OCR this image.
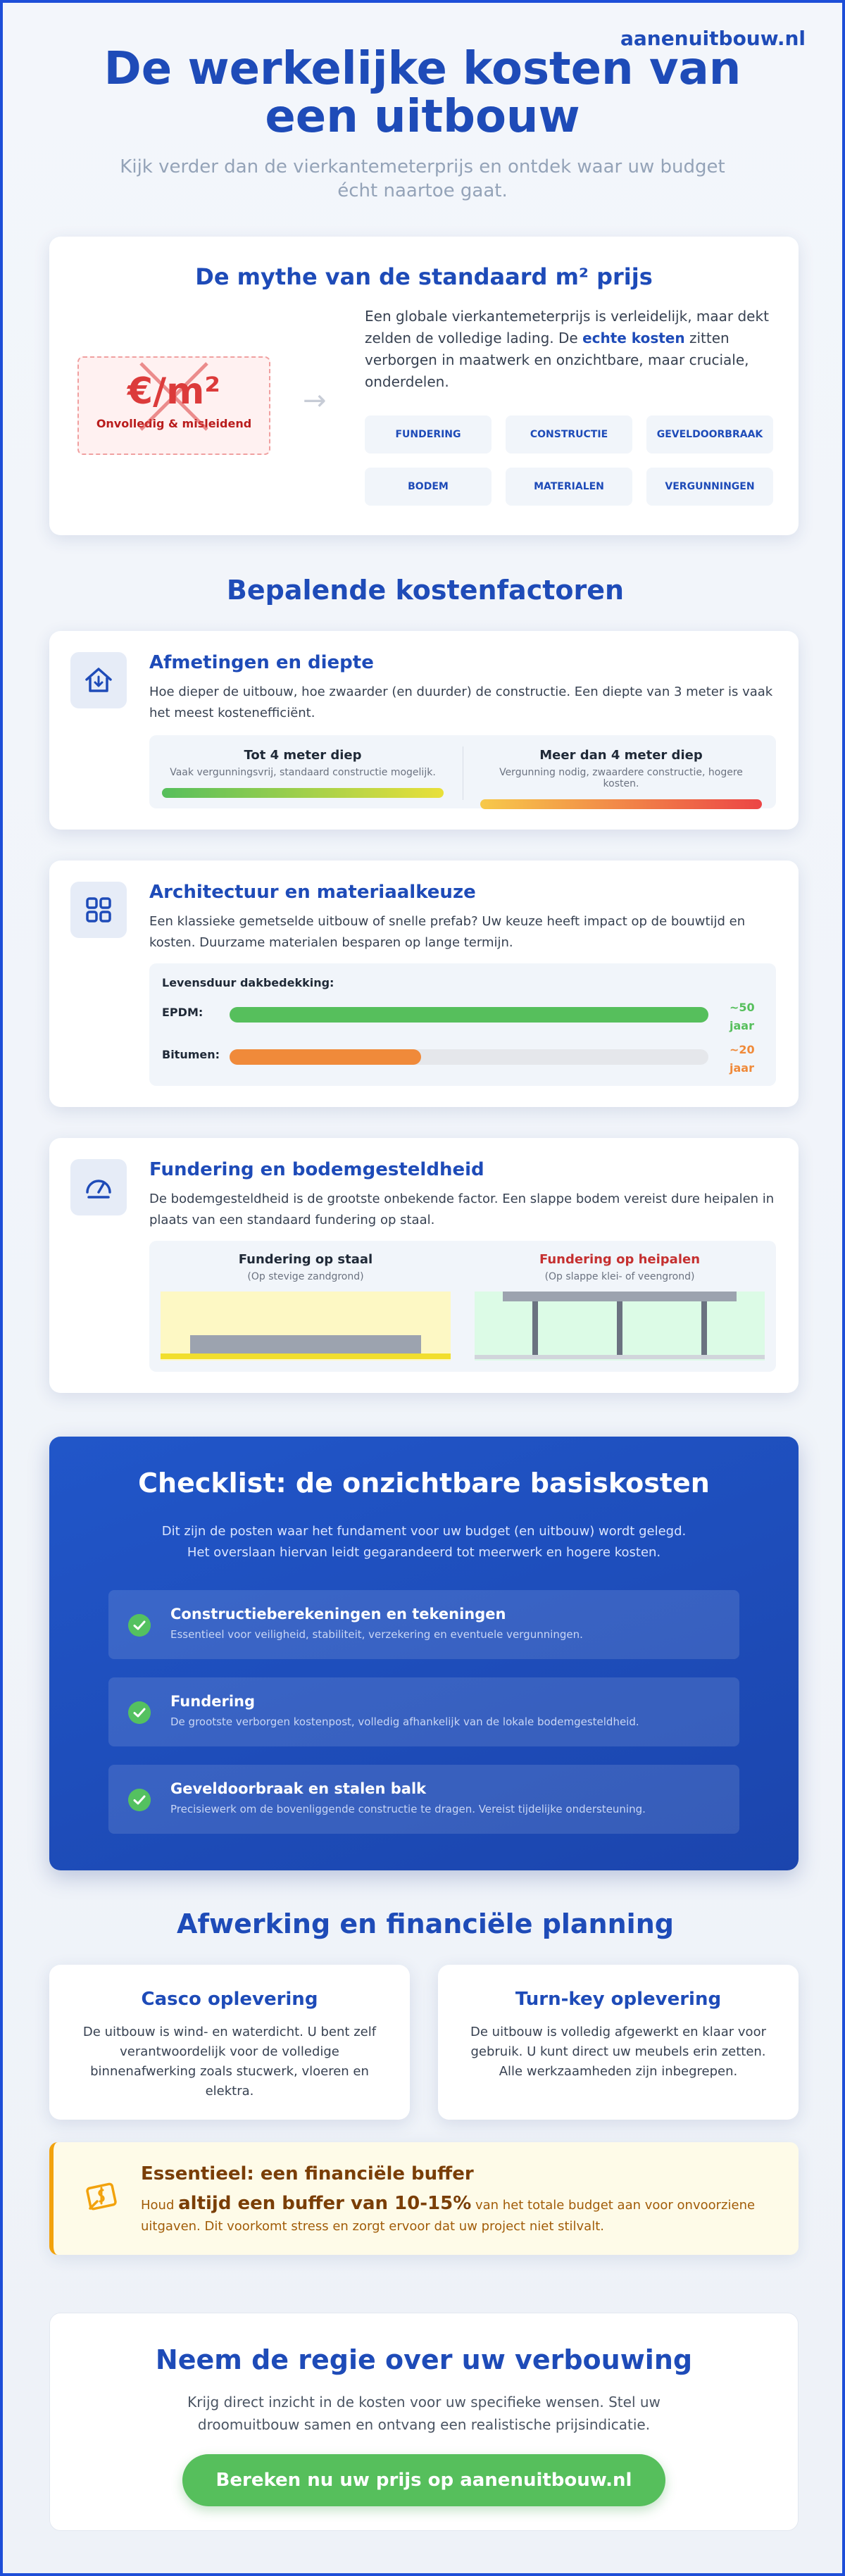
aanenuitbouw.nl
De werkelijke kosten van een uitbouw

Kijk verder dan de vierkantemeterprijs en ontdek waar uw budget écht naartoe gaat.

De mythe van de standaard m² prijs
€/m²
Onvolledig & misleidend
→
Een globale vierkantemeterprijs is verleidelijk, maar dekt zelden de volledige lading. De echte kosten zitten verborgen in maatwerk en onzichtbare, maar cruciale, onderdelen.
FUNDERING	CONSTRUCTIE	GEVELDOORBRAAK
BODEM	MATERIALEN	VERGUNNINGEN
Bepalende kostenfactoren
Afmetingen en diepte
Hoe dieper de uitbouw, hoe zwaarder (en duurder) de constructie. Een diepte van 3 meter is vaak het meest kostenefficiënt.
Tot 4 meter diep
Vaak vergunningsvrij, standaard constructie mogelijk.
Meer dan 4 meter diep
Vergunning nodig, zwaardere constructie, hogere kosten.
Architectuur en materiaalkeuze
Een klassieke gemetselde uitbouw of snelle prefab? Uw keuze heeft impact op de bouwtijd en kosten. Duurzame materialen besparen op lange termijn.
Levensduur dakbedekking:
EPDM:	~50 jaar
Bitumen:	~20 jaar
Fundering en bodemgesteldheid
De bodemgesteldheid is de grootste onbekende factor. Een slappe bodem vereist dure heipalen in plaats van een standaard fundering op staal.
Fundering op staal
(Op stevige zandgrond)
Fundering op heipalen
(Op slappe klei- of veengrond)
Checklist: de onzichtbare basiskosten
Dit zijn de posten waar het fundament voor uw budget (en uitbouw) wordt gelegd. Het overslaan hiervan leidt gegarandeerd tot meerwerk en hogere kosten.
Constructieberekeningen en tekeningen
Essentieel voor veiligheid, stabiliteit, verzekering en eventuele vergunningen.
Fundering
De grootste verborgen kostenpost, volledig afhankelijk van de lokale bodemgesteldheid.
Geveldoorbraak en stalen balk
Precisiewerk om de bovenliggende constructie te dragen. Vereist tijdelijke ondersteuning.
Afwerking en financiële planning
Casco oplevering

De uitbouw is wind- en waterdicht. U bent zelf verantwoordelijk voor de volledige binnenafwerking zoals stucwerk, vloeren en elektra.

Turn-key oplevering

De uitbouw is volledig afgewerkt en klaar voor gebruik. U kunt direct uw meubels erin zetten. Alle werkzaamheden zijn inbegrepen.

Essentieel: een financiële buffer

Houd altijd een buffer van 10-15% van het totale budget aan voor onvoorziene uitgaven. Dit voorkomt stress en zorgt ervoor dat uw project niet stilvalt.

Neem de regie over uw verbouwing

Krijg direct inzicht in de kosten voor uw specifieke wensen. Stel uw droomuitbouw samen en ontvang een realistische prijsindicatie.

Bereken nu uw prijs op aanenuitbouw.nl
